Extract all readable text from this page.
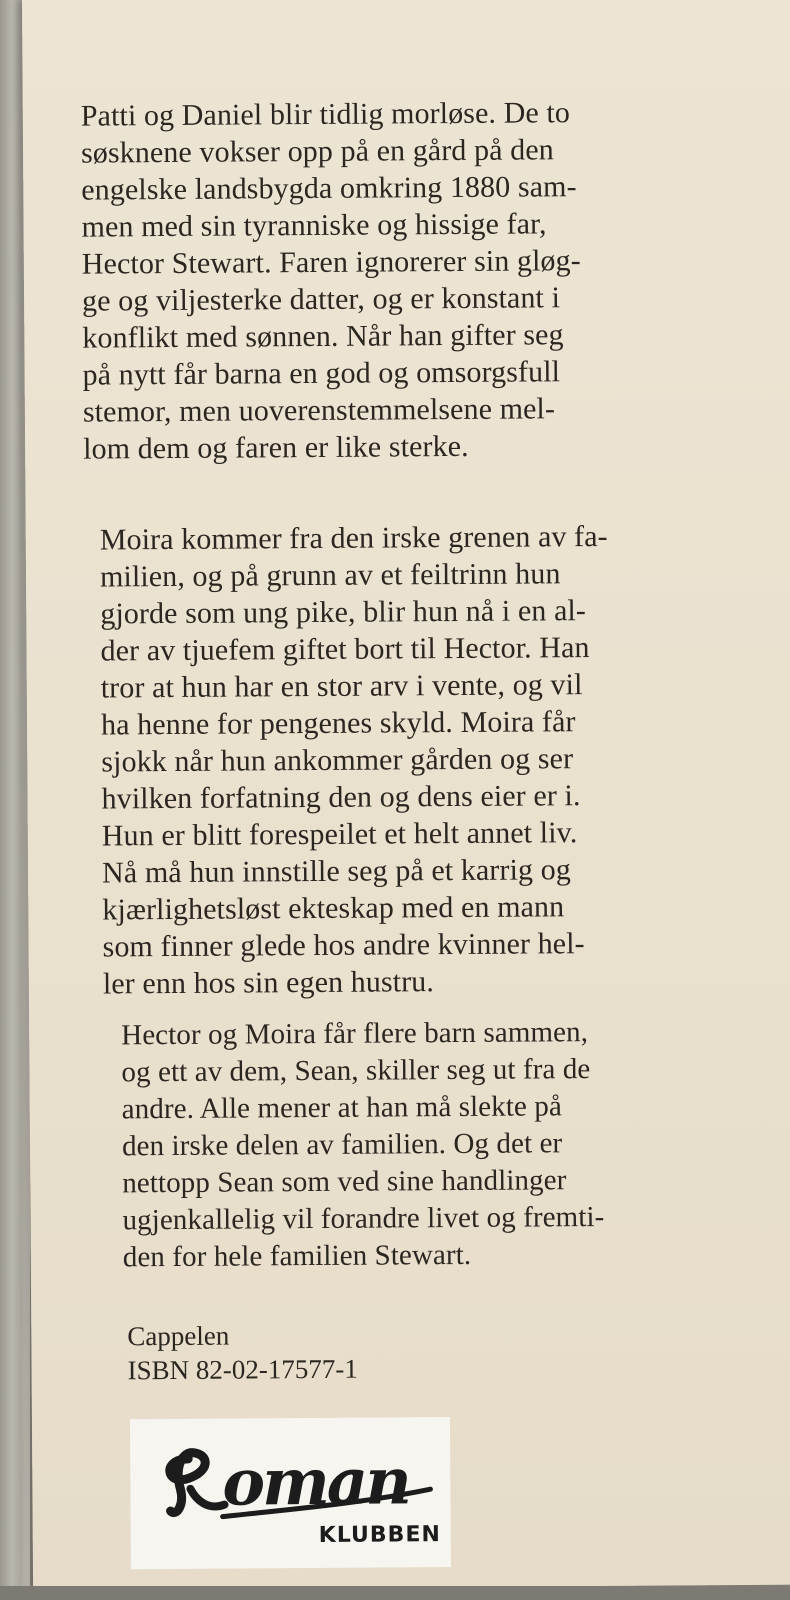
Patti og Daniel blir tidlig morløse. De to
søsknene vokser opp på en gård på den
engelske landsbygda omkring 1880 sam-
men med sin tyranniske og hissige far,
Hector Stewart. Faren ignorerer sin gløg-
ge og viljesterke datter, og er konstant i
konflikt med sønnen. Når han gifter seg
på nytt får barna en god og omsorgsfull
stemor, men uoverenstemmelsene mel-
lom dem og faren er like sterke.

Moira kommer fra den irske grenen av fa-
milien, og på grunn av et feiltrinn hun
gjorde som ung pike, blir hun nå i en al-
der av tjuefem giftet bort til Hector. Han
tror at hun har en stor arv i vente, og vil
ha henne for pengenes skyld. Moira får
sjokk når hun ankommer gården og ser
hvilken forfatning den og dens eier er i.
Hun er blitt forespeilet et helt annet liv.
Nå må hun innstille seg på et karrig og
kjærlighetsløst ekteskap med en mann
som finner glede hos andre kvinner hel-
ler enn hos sin egen hustru.

Hector og Moira får flere barn sammen,
og ett av dem, Sean, skiller seg ut fra de
andre. Alle mener at han må slekte på
den irske delen av familien. Og det er
nettopp Sean som ved sine handlinger
ugjenkallelig vil forandre livet og fremti-
den for hele familien Stewart.

Cappelen
ISBN 82-02-17577-1
oman
KLUBBEN
